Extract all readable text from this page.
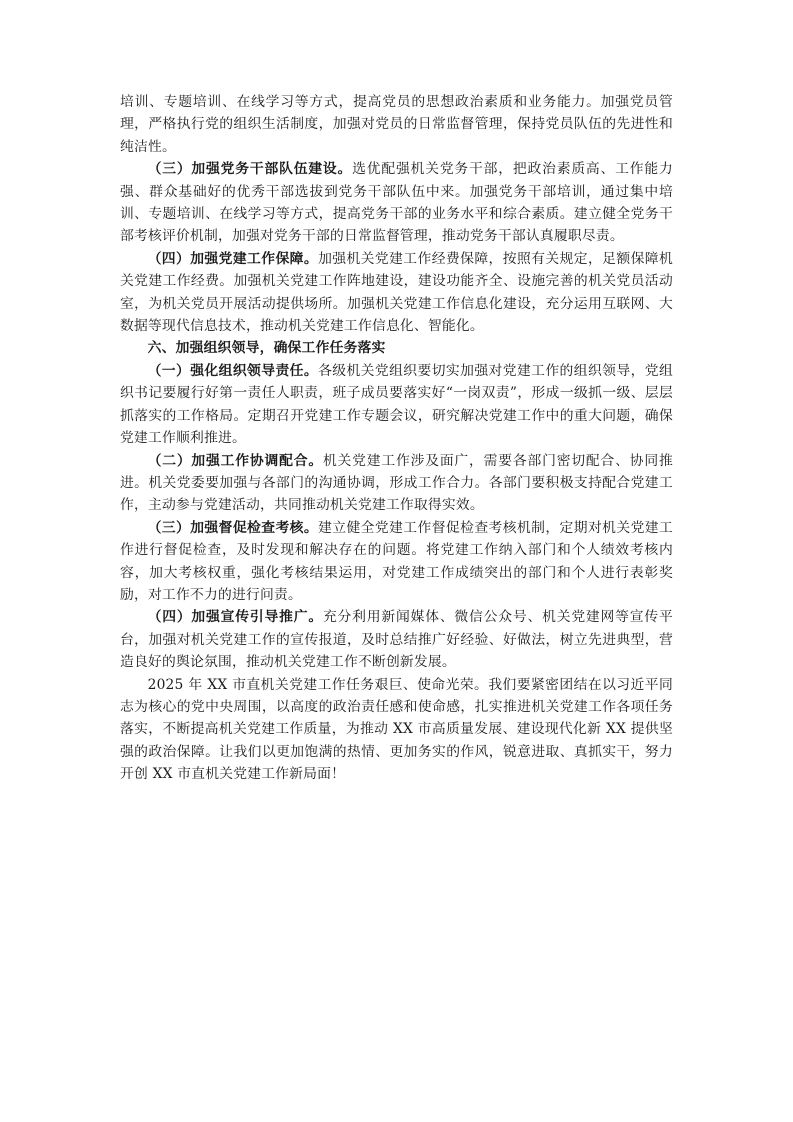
培训、专题培训、在线学习等方式，提高党员的思想政治素质和业务能力。加强党员管理，严格执行党的组织生活制度，加强对党员的日常监督管理，保持党员队伍的先进性和纯洁性。

（三）加强党务干部队伍建设。选优配强机关党务干部，把政治素质高、工作能力强、群众基础好的优秀干部选拔到党务干部队伍中来。加强党务干部培训，通过集中培训、专题培训、在线学习等方式，提高党务干部的业务水平和综合素质。建立健全党务干部考核评价机制，加强对党务干部的日常监督管理，推动党务干部认真履职尽责。

（四）加强党建工作保障。加强机关党建工作经费保障，按照有关规定，足额保障机关党建工作经费。加强机关党建工作阵地建设，建设功能齐全、设施完善的机关党员活动室，为机关党员开展活动提供场所。加强机关党建工作信息化建设，充分运用互联网、大数据等现代信息技术，推动机关党建工作信息化、智能化。

六、加强组织领导，确保工作任务落实

（一）强化组织领导责任。各级机关党组织要切实加强对党建工作的组织领导，党组织书记要履行好第一责任人职责，班子成员要落实好“一岗双责”，形成一级抓一级、层层抓落实的工作格局。定期召开党建工作专题会议，研究解决党建工作中的重大问题，确保党建工作顺利推进。

（二）加强工作协调配合。机关党建工作涉及面广，需要各部门密切配合、协同推进。机关党委要加强与各部门的沟通协调，形成工作合力。各部门要积极支持配合党建工作，主动参与党建活动，共同推动机关党建工作取得实效。

（三）加强督促检查考核。建立健全党建工作督促检查考核机制，定期对机关党建工作进行督促检查，及时发现和解决存在的问题。将党建工作纳入部门和个人绩效考核内容，加大考核权重，强化考核结果运用，对党建工作成绩突出的部门和个人进行表彰奖励，对工作不力的进行问责。

（四）加强宣传引导推广。充分利用新闻媒体、微信公众号、机关党建网等宣传平台，加强对机关党建工作的宣传报道，及时总结推广好经验、好做法，树立先进典型，营造良好的舆论氛围，推动机关党建工作不断创新发展。

2025 年 XX 市直机关党建工作任务艰巨、使命光荣。我们要紧密团结在以习近平同志为核心的党中央周围，以高度的政治责任感和使命感，扎实推进机关党建工作各项任务落实，不断提高机关党建工作质量，为推动 XX 市高质量发展、建设现代化新 XX 提供坚强的政治保障。让我们以更加饱满的热情、更加务实的作风，锐意进取、真抓实干，努力开创 XX 市直机关党建工作新局面！
